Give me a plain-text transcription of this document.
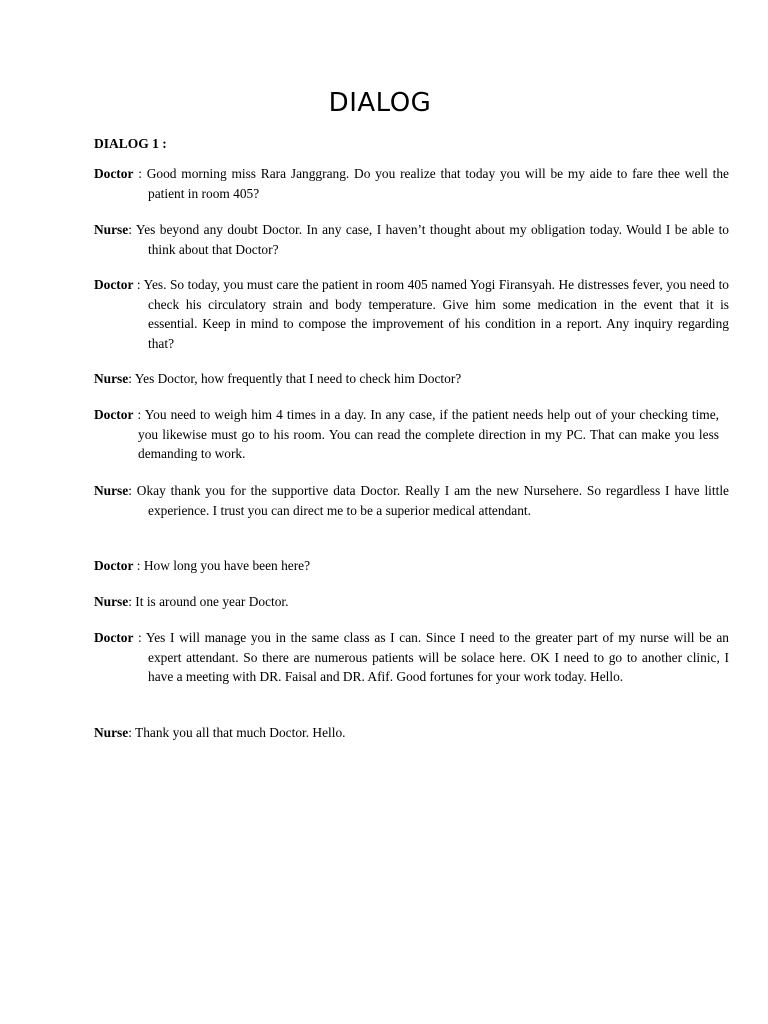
DIALOG
DIALOG 1 :

Doctor : Good morning miss Rara Janggrang. Do you realize that today you will be my aide to fare thee well the patient in room 405?

Nurse: Yes beyond any doubt Doctor. In any case, I haven’t thought about my obligation today. Would I be able to think about that Doctor?

Doctor : Yes. So today, you must care the patient in room 405 named Yogi Firansyah. He distresses fever, you need to check his circulatory strain and body temperature. Give him some medication in the event that it is essential. Keep in mind to compose the improvement of his condition in a report. Any inquiry regarding that?

Nurse: Yes Doctor, how frequently that I need to check him Doctor?

Doctor : You need to weigh him 4 times in a day. In any case, if the patient needs help out of your checking time, you likewise must go to his room. You can read the complete direction in my PC. That can make you less demanding to work.

Nurse: Okay thank you for the supportive data Doctor. Really I am the new Nursehere. So regardless I have little experience. I trust you can direct me to be a superior medical attendant.

Doctor : How long you have been here?

Nurse: It is around one year Doctor.

Doctor : Yes I will manage you in the same class as I can. Since I need to the greater part of my nurse will be an expert attendant. So there are numerous patients will be solace here. OK I need to go to another clinic, I have a meeting with DR. Faisal and DR. Afif. Good fortunes for your work today. Hello.

Nurse: Thank you all that much Doctor. Hello.
